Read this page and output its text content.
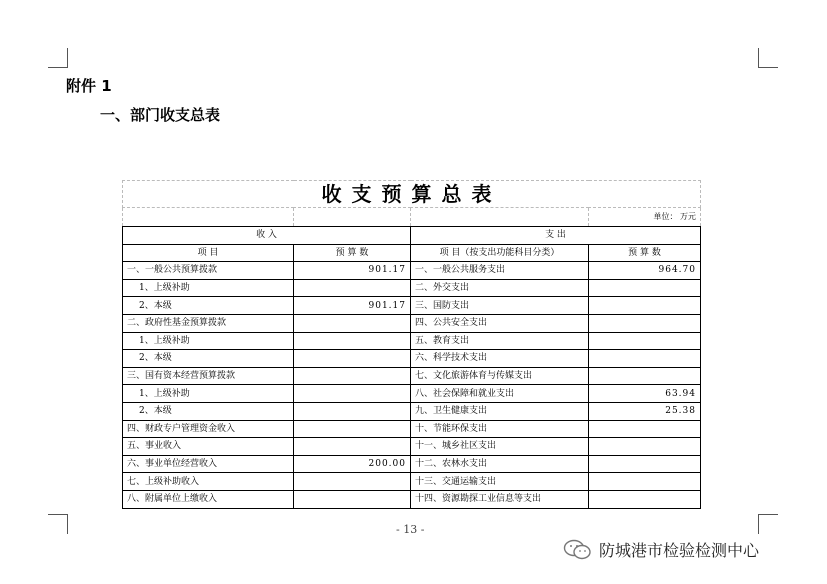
附件 1
一、部门收支总表
收支预算总表			
			单位： 万元
收 入		支 出	
项 目	预 算 数	项 目（按支出功能科目分类）	预 算 数
一、一般公共预算拨款	901.17	一、一般公共服务支出	964.70
1、上级补助		二、外交支出	
2、本级	901.17	三、国防支出	
二、政府性基金预算拨款		四、公共安全支出	
1、上级补助		五、教育支出	
2、本级		六、科学技术支出	
三、国有资本经营预算拨款		七、文化旅游体育与传媒支出	
1、上级补助		八、社会保障和就业支出	63.94
2、本级		九、卫生健康支出	25.38
四、财政专户管理资金收入		十、节能环保支出	
五、事业收入		十一、城乡社区支出	
六、事业单位经营收入	200.00	十二、农林水支出	
七、上级补助收入		十三、交通运输支出	
八、附属单位上缴收入		十四、资源勘探工业信息等支出	
- 13 -
防城港市检验检测中心
